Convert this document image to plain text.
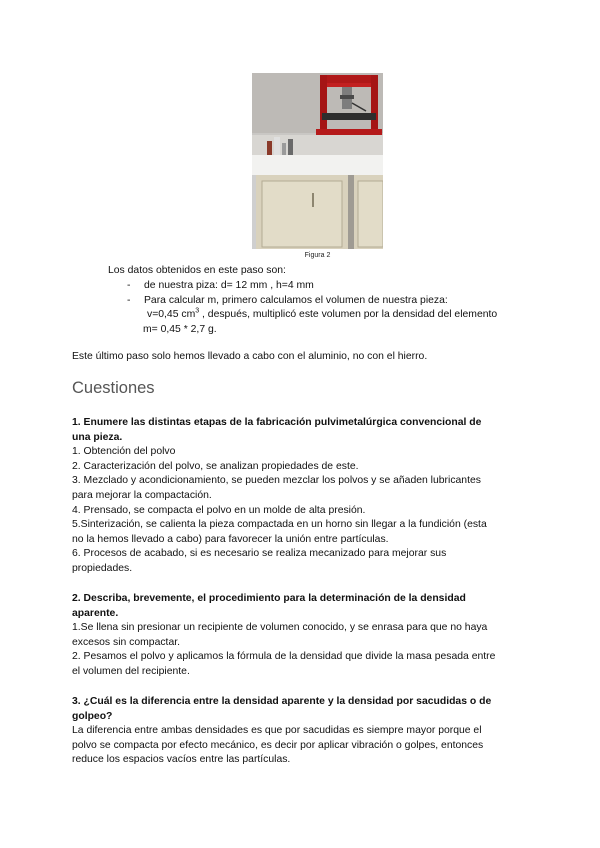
Figura 2
Los datos obtenidos en este paso son:
- de nuestra piza: d= 12 mm , h=4 mm
- Para calcular m, primero calculamos el volumen de nuestra pieza:
v=0,45 $cm^3$ , después, multiplicó este volumen por la densidad del elemento
m= 0,45 * 2,7 g.
Este último paso solo hemos llevado a cabo con el aluminio, no con el hierro.
Cuestiones
1. Enumere las distintas etapas de la fabricación pulvimetalúrgica convencional de
una pieza.
1. Obtención del polvo
2. Caracterización del polvo, se analizan propiedades de este.
3. Mezclado y acondicionamiento, se pueden mezclar los polvos y se añaden lubricantes
para mejorar la compactación.
4. Prensado, se compacta el polvo en un molde de alta presión.
5.Sinterización, se calienta la pieza compactada en un horno sin llegar a la fundición (esta
no la hemos llevado a cabo) para favorecer la unión entre partículas.
6. Procesos de acabado, si es necesario se realiza mecanizado para mejorar sus
propiedades.
2. Describa, brevemente, el procedimiento para la determinación de la densidad
aparente.
1.Se llena sin presionar un recipiente de volumen conocido, y se enrasa para que no haya
excesos sin compactar.
2. Pesamos el polvo y aplicamos la fórmula de la densidad que divide la masa pesada entre
el volumen del recipiente.
3. ¿Cuál es la diferencia entre la densidad aparente y la densidad por sacudidas o de
golpeo?
La diferencia entre ambas densidades es que por sacudidas es siempre mayor porque el
polvo se compacta por efecto mecánico, es decir por aplicar vibración o golpes, entonces
reduce los espacios vacíos entre las partículas.
